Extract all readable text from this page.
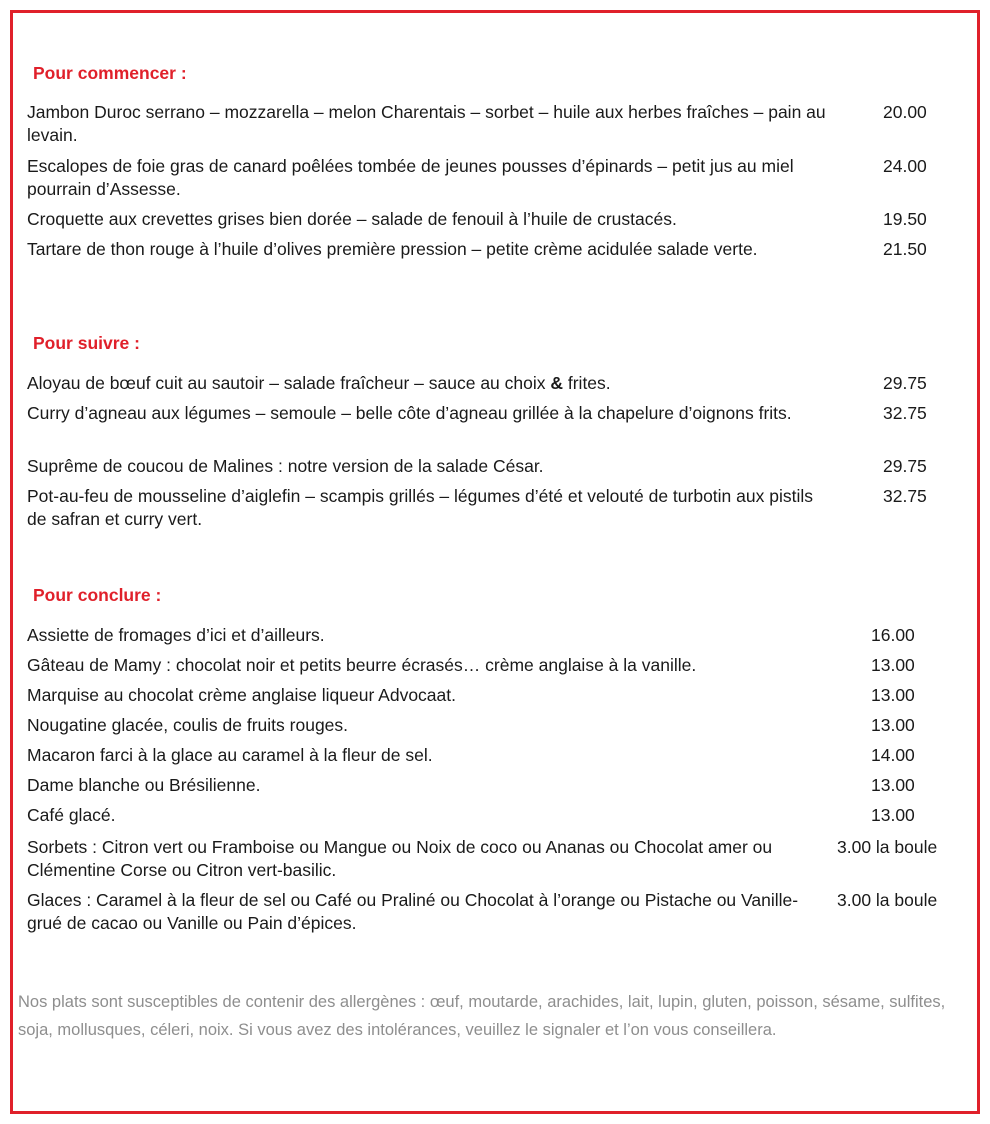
Pour commencer :
Jambon Duroc serrano – mozzarella – melon Charentais – sorbet – huile aux herbes fraîches – pain au levain.
20.00
Escalopes de foie gras de canard poêlées tombée de jeunes pousses d’épinards – petit jus au miel pourrain d’Assesse.
24.00
Croquette aux crevettes grises bien dorée – salade de fenouil à l’huile de crustacés.	19.50
Tartare de thon rouge à l’huile d’olives première pression – petite crème acidulée salade verte.	21.50
Pour suivre :
Aloyau de bœuf cuit au sautoir – salade fraîcheur – sauce au choix & frites.	29.75
Curry d’agneau aux légumes – semoule – belle côte d’agneau grillée à la chapelure d’oignons frits.	32.75
Suprême de coucou de Malines : notre version de la salade César.	29.75
Pot-au-feu de mousseline d’aiglefin – scampis grillés – légumes d’été et velouté de turbotin aux pistils de safran et curry vert.
32.75
Pour conclure :
Assiette de fromages d’ici et d’ailleurs.	16.00
Gâteau de Mamy : chocolat noir et petits beurre écrasés… crème anglaise à la vanille.	13.00
Marquise au chocolat crème anglaise liqueur Advocaat.	13.00
Nougatine glacée, coulis de fruits rouges.	13.00
Macaron farci à la glace au caramel à la fleur de sel.	14.00
Dame blanche ou Brésilienne.	13.00
Café glacé.	13.00
Sorbets : Citron vert ou Framboise ou Mangue ou Noix de coco ou Ananas ou Chocolat amer ou Clémentine Corse ou Citron vert-basilic.
3.00 la boule
Glaces : Caramel à la fleur de sel ou Café ou Praliné ou Chocolat à l’orange ou Pistache ou Vanille-grué de cacao ou Vanille ou Pain d’épices.
3.00 la boule
Nos plats sont susceptibles de contenir des allergènes : œuf, moutarde, arachides, lait, lupin, gluten, poisson, sésame, sulfites, soja, mollusques, céleri, noix. Si vous avez des intolérances, veuillez le signaler et l’on vous conseillera.
